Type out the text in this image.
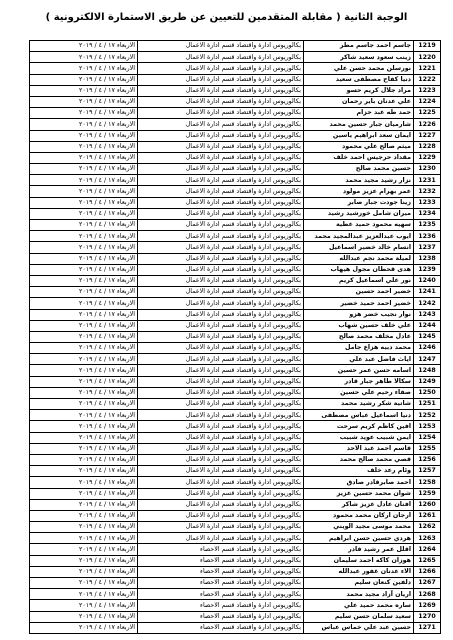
الوجبة الثانية ( مقابلة المتقدمين للتعيين عن طريق الاستمارة الالكترونية )
1219	جاسم احمد جاسم مطر	بكالوريوس ادارة واقتصاد قسم ادارة الاعمال	الاربعاء ١٧ / ٤ / ٢٠١٩
1220	زينب سعود سعيد شاكر	بكالوريوس ادارة واقتصاد قسم ادارة الاعمال	الاربعاء ١٧ / ٤ / ٢٠١٩
1221	نورسلن محمد حسن علي	بكالوريوس ادارة واقتصاد قسم ادارة الاعمال	الاربعاء ١٧ / ٤ / ٢٠١٩
1222	دنيا كفاح مصطفى سعيد	بكالوريوس ادارة واقتصاد قسم ادارة الاعمال	الاربعاء ١٧ / ٤ / ٢٠١٩
1223	مراد جلال كريم حسو	بكالوريوس ادارة واقتصاد قسم ادارة الاعمال	الاربعاء ١٧ / ٤ / ٢٠١٩
1224	علي عدنان باير رحمان	بكالوريوس ادارة واقتصاد قسم ادارة الاعمال	الاربعاء ١٧ / ٤ / ٢٠١٩
1225	حمد طه عبد حزام	بكالوريوس ادارة واقتصاد قسم ادارة الاعمال	الاربعاء ١٧ / ٤ / ٢٠١٩
1226	شارميان جبار حسين محمد	بكالوريوس ادارة واقتصاد قسم ادارة الاعمال	الاربعاء ١٧ / ٤ / ٢٠١٩
1227	ايمان سعد ابراهيم ياسين	بكالوريوس ادارة واقتصاد قسم ادارة الاعمال	الاربعاء ١٧ / ٤ / ٢٠١٩
1228	ميثم صالح علي محمود	بكالوريوس ادارة واقتصاد قسم ادارة الاعمال	الاربعاء ١٧ / ٤ / ٢٠١٩
1229	مقداد حرجيس احمد خلف	بكالوريوس ادارة واقتصاد قسم ادارة الاعمال	الاربعاء ١٧ / ٤ / ٢٠١٩
1230	حسين محمد صالح	بكالوريوس ادارة واقتصاد قسم ادارة الاعمال	الاربعاء ١٧ / ٤ / ٢٠١٩
1231	نزار رشيد مجيد محمد	بكالوريوس ادارة واقتصاد قسم ادارة الاعمال	الاربعاء ١٧ / ٤ / ٢٠١٩
1232	عمر بهرام عزيز مولود	بكالوريوس ادارة واقتصاد قسم ادارة الاعمال	الاربعاء ١٧ / ٤ / ٢٠١٩
1233	زينا جودت جبار صابر	بكالوريوس ادارة واقتصاد قسم ادارة الاعمال	الاربعاء ١٧ / ٤ / ٢٠١٩
1234	ميران شامل خورشيد رشيد	بكالوريوس ادارة واقتصاد قسم ادارة الاعمال	الاربعاء ١٧ / ٤ / ٢٠١٩
1235	سهيه محمود حميد عطية	بكالوريوس ادارة واقتصاد قسم ادارة الاعمال	الاربعاء ١٧ / ٤ / ٢٠١٩
1236	ايوب عبدالعزيز عبدالمجيد محمد	بكالوريوس ادارة واقتصاد قسم ادارة الاعمال	الاربعاء ١٧ / ٤ / ٢٠١٩
1237	انسام خالد خضير اسماعيل	بكالوريوس ادارة واقتصاد قسم ادارة الاعمال	الاربعاء ١٧ / ٤ / ٢٠١٩
1238	لميلة محمد نجم عبدالله	بكالوريوس ادارة واقتصاد قسم ادارة الاعمال	الاربعاء ١٧ / ٤ / ٢٠١٩
1239	هدى قحطان مجول هيهاب	بكالوريوس ادارة واقتصاد قسم ادارة الاعمال	الاربعاء ١٧ / ٤ / ٢٠١٩
1240	نور علي اسماعيل كريم	بكالوريوس ادارة واقتصاد قسم ادارة الاعمال	الاربعاء ١٧ / ٤ / ٢٠١٩
1241	خضير احمد حسين	بكالوريوس ادارة واقتصاد قسم ادارة الاعمال	الاربعاء ١٧ / ٤ / ٢٠١٩
1242	خضير احمد حميد خضير	بكالوريوس ادارة واقتصاد قسم ادارة الاعمال	الاربعاء ١٧ / ٤ / ٢٠١٩
1243	نوار نجيب خضر هزو	بكالوريوس ادارة واقتصاد قسم ادارة الاعمال	الاربعاء ١٧ / ٤ / ٢٠١٩
1244	علي خلف حسين شهاب	بكالوريوس ادارة واقتصاد قسم ادارة الاعمال	الاربعاء ١٧ / ٤ / ٢٠١٩
1245	عادل مخلف محمد صالح	بكالوريوس ادارة واقتصاد قسم ادارة الاعمال	الاربعاء ١٧ / ٤ / ٢٠١٩
1246	محمد دبيه هزاع جامل	بكالوريوس ادارة واقتصاد قسم ادارة الاعمال	الاربعاء ١٧ / ٤ / ٢٠١٩
1247	اياث فاضل عبد علي	بكالوريوس ادارة واقتصاد قسم ادارة الاعمال	الاربعاء ١٧ / ٤ / ٢٠١٩
1248	اسامه حسن عمر حسين	بكالوريوس ادارة واقتصاد قسم ادارة الاعمال	الاربعاء ١٧ / ٤ / ٢٠١٩
1249	سكالا طاهر جبار قادر	بكالوريوس ادارة واقتصاد قسم ادارة الاعمال	الاربعاء ١٧ / ٤ / ٢٠١٩
1250	صفاء رحيم علي حسين	بكالوريوس ادارة واقتصاد قسم ادارة الاعمال	الاربعاء ١٧ / ٤ / ٢٠١٩
1251	شاتية شكر رشيد محمد	بكالوريوس ادارة واقتصاد قسم ادارة الاعمال	الاربعاء ١٧ / ٤ / ٢٠١٩
1252	دنيا اسماعيل عباس مصطفى	بكالوريوس ادارة واقتصاد قسم ادارة الاعمال	الاربعاء ١٧ / ٤ / ٢٠١٩
1253	افين كاظم كريم سرحت	بكالوريوس ادارة واقتصاد قسم ادارة الاعمال	الاربعاء ١٧ / ٤ / ٢٠١٩
1254	ايمن شبيب عويد شبيب	بكالوريوس ادارة واقتصاد قسم ادارة الاعمال	الاربعاء ١٧ / ٤ / ٢٠١٩
1255	قاسم احمد عبد الاحد	بكالوريوس ادارة واقتصاد قسم ادارة الاعمال	الاربعاء ١٧ / ٤ / ٢٠١٩
1256	قصي محمد صالح محمد	بكالوريوس ادارة واقتصاد قسم ادارة الاعمال	الاربعاء ١٧ / ٤ / ٢٠١٩
1257	وئام رعد خلف	بكالوريوس ادارة واقتصاد قسم ادارة الاعمال	الاربعاء ١٧ / ٤ / ٢٠١٩
1258	احمد صابرقادر صادق	بكالوريوس ادارة واقتصاد قسم ادارة الاعمال	الاربعاء ١٧ / ٤ / ٢٠١٩
1259	شوان محمد حسين عزيز	بكالوريوس ادارة واقتصاد قسم ادارة الاعمال	الاربعاء ١٧ / ٤ / ٢٠١٩
1260	افنان عادل عزيز شاكر	بكالوريوس ادارة واقتصاد قسم ادارة الاعمال	الاربعاء ١٧ / ٤ / ٢٠١٩
1261	ارجان اركان محمد محمود	بكالوريوس ادارة واقتصاد قسم ادارة الاعمال	الاربعاء ١٧ / ٤ / ٢٠١٩
1262	محمد موسى مجيد الويني	بكالوريوس ادارة واقتصاد قسم ادارة الاعمال	الاربعاء ١٧ / ٤ / ٢٠١٩
1263	هردي حسين حسن ابراهيم	بكالوريوس ادارة واقتصاد قسم ادارة الاعمال	الاربعاء ١٧ / ٤ / ٢٠١٩
1264	اقلل عمر رشيد قادر	بكالوريوس ادارة واقتصاد قسم الاحصاء	الاربعاء ١٧ / ٤ / ٢٠١٩
1265	هوزان كاكه احمد سليمان	بكالوريوس ادارة واقتصاد قسم الاحصاء	الاربعاء ١٧ / ٤ / ٢٠١٩
1266	الاء عدنان غفور عبدالله	بكالوريوس ادارة واقتصاد قسم الاحصاء	الاربعاء ١٧ / ٤ / ٢٠١٩
1267	دلفين كنعان سليم	بكالوريوس ادارة واقتصاد قسم الاحصاء	الاربعاء ١٧ / ٤ / ٢٠١٩
1268	اريان آزاد مجيد محمد	بكالوريوس ادارة واقتصاد قسم الاحصاء	الاربعاء ١٧ / ٤ / ٢٠١٩
1269	ساره محمد حميد علي	بكالوريوس ادارة واقتصاد قسم الاحصاء	الاربعاء ١٧ / ٤ / ٢٠١٩
1270	سعيد سلمان حسن سليم	بكالوريوس ادارة واقتصاد قسم الاحصاء	الاربعاء ١٧ / ٤ / ٢٠١٩
1271	حسين عبد علي خماس عباس	بكالوريوس ادارة واقتصاد قسم الاحصاء	الاربعاء ١٧ / ٤ / ٢٠١٩
